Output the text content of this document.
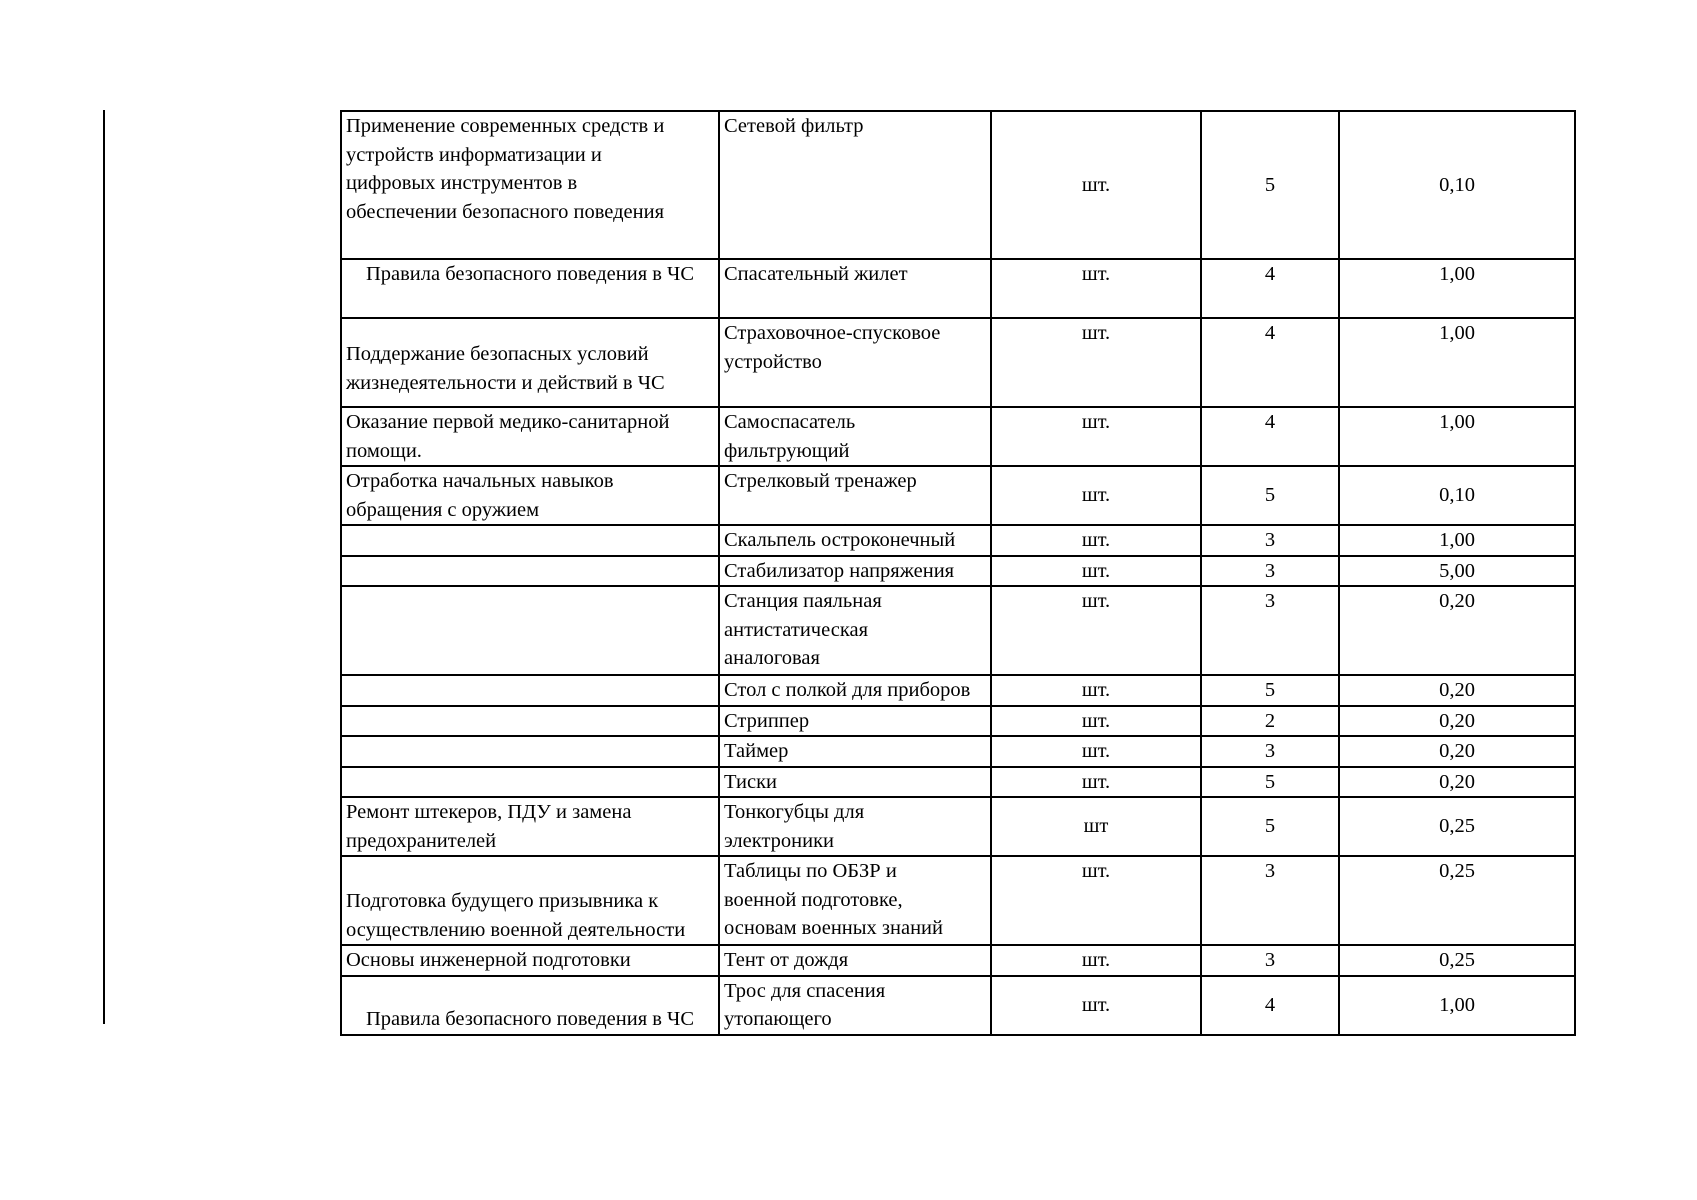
Применение современных средств и
устройств информатизации и
цифровых инструментов в
обеспечении безопасного поведения	Сетевой фильтр	шт.	5	0,10

Правила безопасного поведения в ЧС	Спасательный жилет	шт.	4	1,00

Поддержание безопасных условий
жизнедеятельности и действий в ЧС	Страховочное-спусковое
устройство	шт.	4	1,00

Оказание первой медико-санитарной
помощи.	Самоспасатель
фильтрующий	шт.	4	1,00

Отработка начальных навыков
обращения с оружием	Стрелковый тренажер	шт.	5	0,10

	Скальпель остроконечный	шт.	3	1,00

	Стабилизатор напряжения	шт.	3	5,00

	Станция паяльная
антистатическая
аналоговая	шт.	3	0,20

	Стол с полкой для приборов	шт.	5	0,20

	Стриппер	шт.	2	0,20

	Таймер	шт.	3	0,20

	Тиски	шт.	5	0,20

Ремонт штекеров, ПДУ и замена
предохранителей	Тонкогубцы для
электроники	шт	5	0,25

Подготовка будущего призывника к
осуществлению военной деятельности	Таблицы по ОБЗР и
военной подготовке,
основам военных знаний	шт.	3	0,25

Основы инженерной подготовки	Тент от дождя	шт.	3	0,25

Правила безопасного поведения в ЧС	Трос для спасения
утопающего	шт.	4	1,00
